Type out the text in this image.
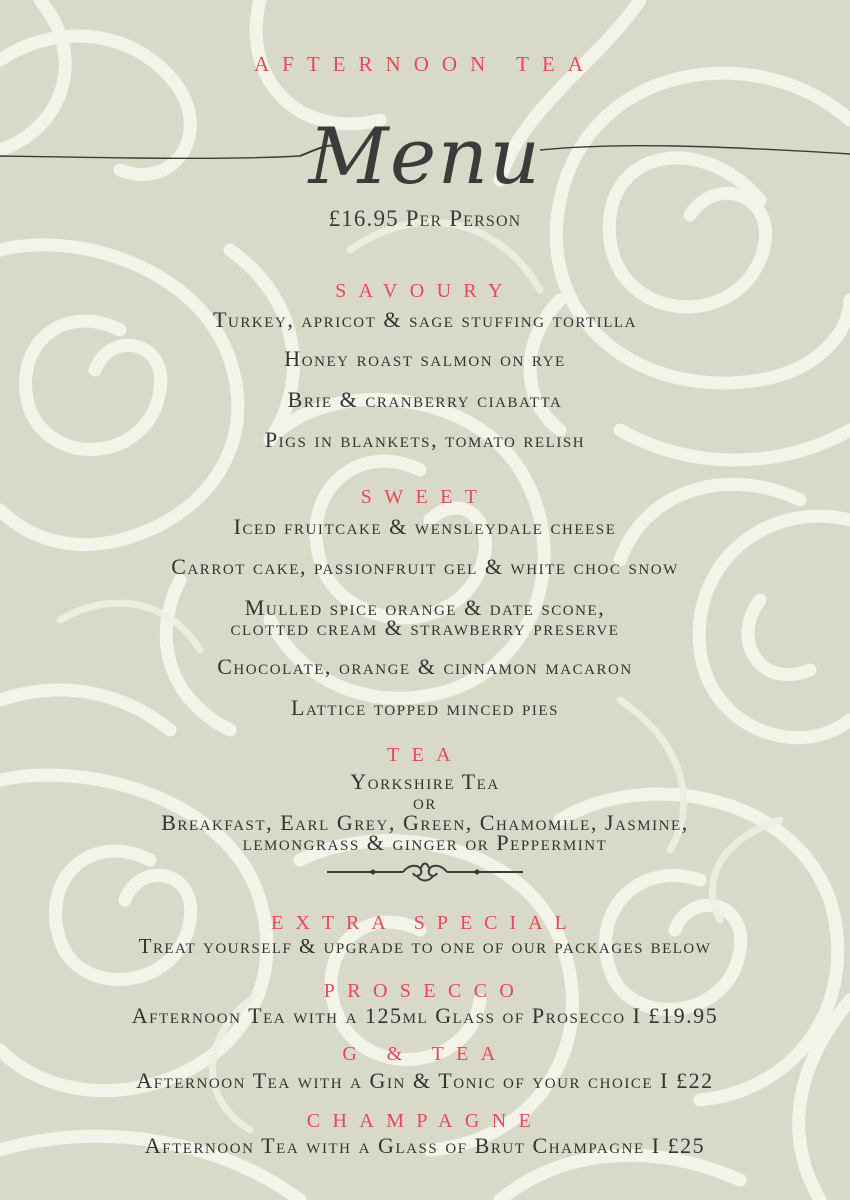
AFTERNOON TEA
Menu
£16.95 Per Person
SAVOURY
Turkey, apricot & sage stuffing tortilla
Honey roast salmon on rye
Brie & cranberry ciabatta
Pigs in blankets, tomato relish
SWEET
Iced fruitcake & wensleydale cheese
Carrot cake, passionfruit gel & white choc snow
Mulled spice orange & date scone,
clotted cream & strawberry preserve
Chocolate, orange & cinnamon macaron
Lattice topped minced pies
TEA
Yorkshire Tea
or
Breakfast, Earl Grey, Green, Chamomile, Jasmine,
lemongrass & ginger or Peppermint
EXTRA SPECIAL
Treat yourself & upgrade to one of our packages below
PROSECCO
Afternoon Tea with a 125ml Glass of Prosecco I £19.95
G & TEA
Afternoon Tea with a Gin & Tonic of your choice I £22
CHAMPAGNE
Afternoon Tea with a Glass of Brut Champagne I £25
